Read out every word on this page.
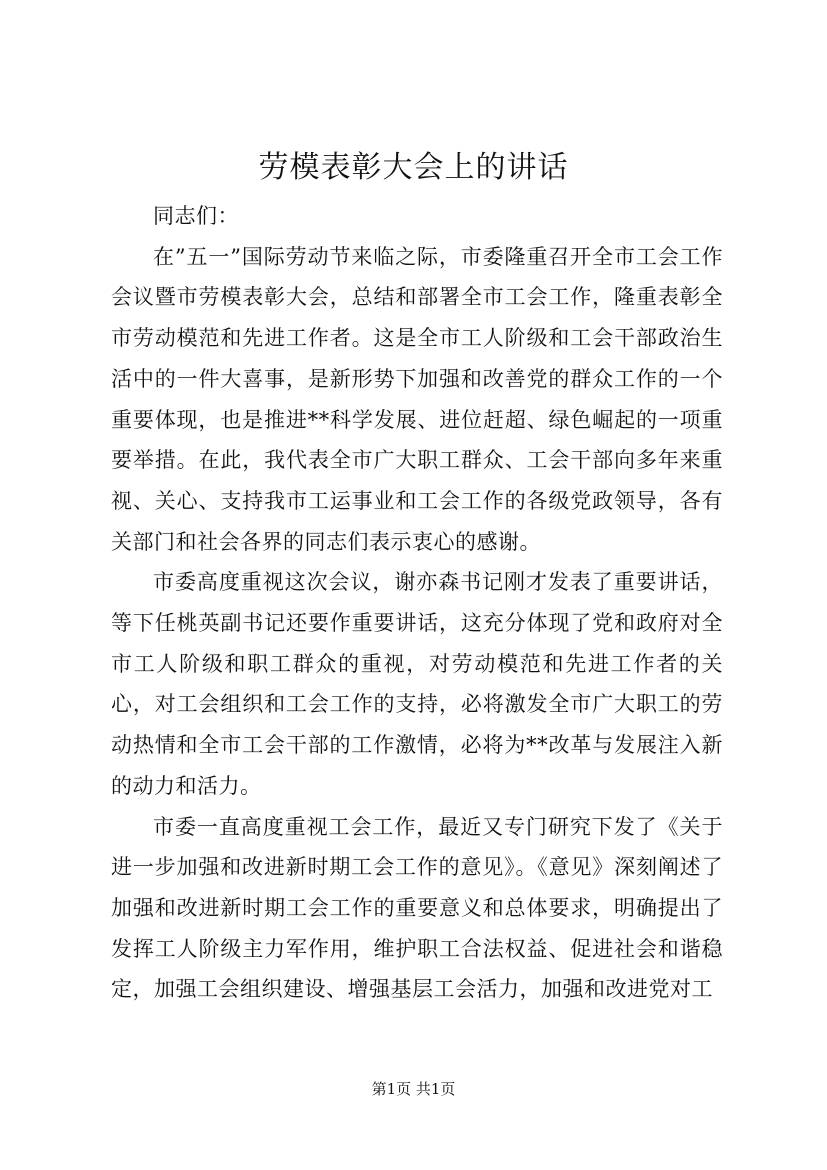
劳模表彰大会上的讲话

同志们：

在”五一”国际劳动节来临之际，市委隆重召开全市工会工作会议暨市劳模表彰大会，总结和部署全市工会工作，隆重表彰全市劳动模范和先进工作者。这是全市工人阶级和工会干部政治生活中的一件大喜事，是新形势下加强和改善党的群众工作的一个重要体现，也是推进**科学发展、进位赶超、绿色崛起的一项重要举措。在此，我代表全市广大职工群众、工会干部向多年来重视、关心、支持我市工运事业和工会工作的各级党政领导，各有关部门和社会各界的同志们表示衷心的感谢。

市委高度重视这次会议，谢亦森书记刚才发表了重要讲话，等下任桃英副书记还要作重要讲话，这充分体现了党和政府对全市工人阶级和职工群众的重视，对劳动模范和先进工作者的关心，对工会组织和工会工作的支持，必将激发全市广大职工的劳动热情和全市工会干部的工作激情，必将为**改革与发展注入新的动力和活力。

市委一直高度重视工会工作，最近又专门研究下发了《关于进一步加强和改进新时期工会工作的意见》。《意见》深刻阐述了加强和改进新时期工会工作的重要意义和总体要求，明确提出了发挥工人阶级主力军作用，维护职工合法权益、促进社会和谐稳定，加强工会组织建设、增强基层工会活力，加强和改进党对工

第1页 共1页
